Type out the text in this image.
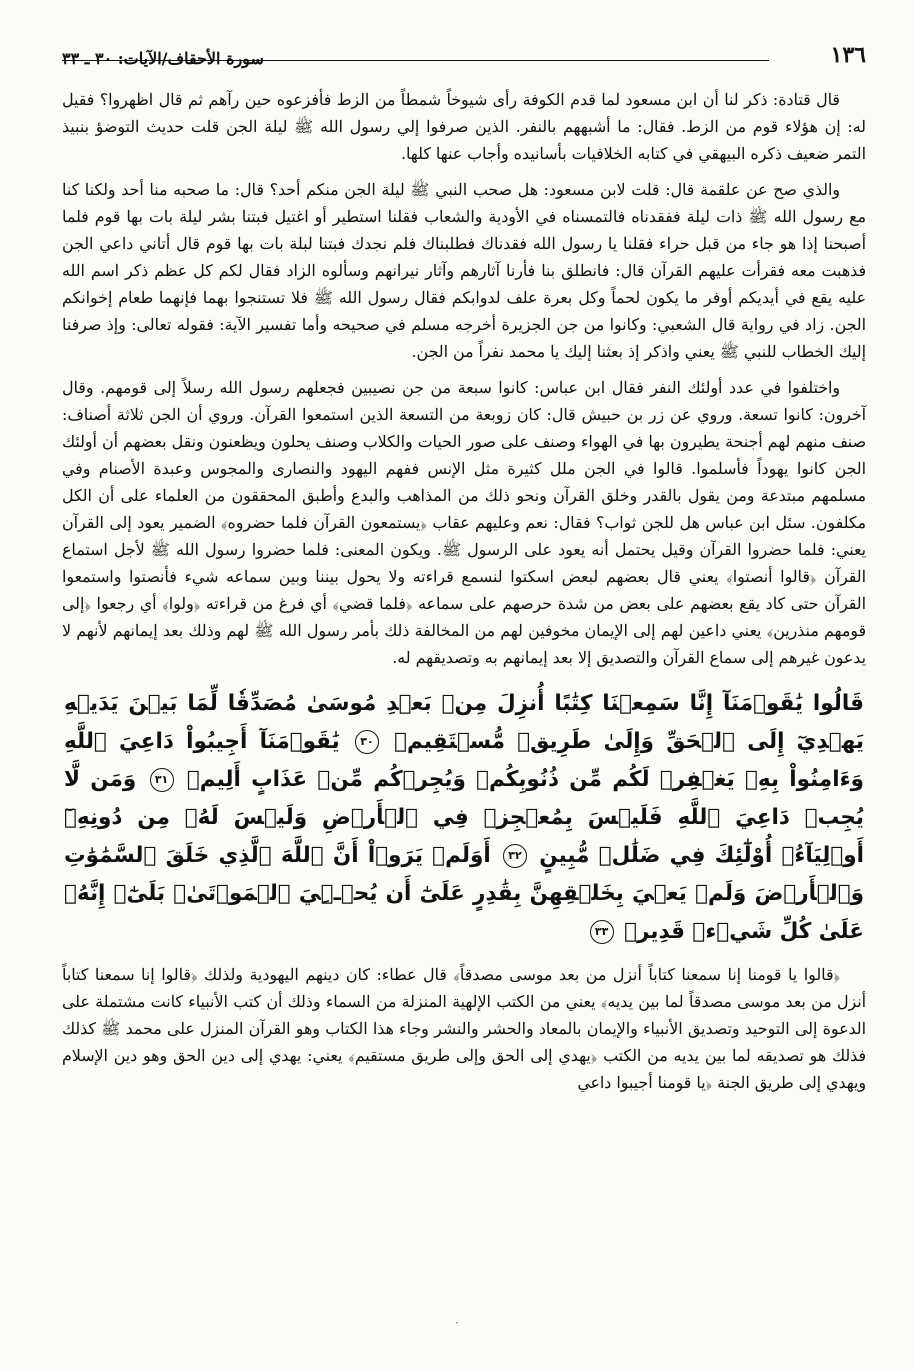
١٣٦
سورة الأحقاف/الآيات: ٣٠ ـ ٣٣

قال قتادة: ذكر لنا أن ابن مسعود لما قدم الكوفة رأى شيوخاً شمطاً من الزط فأفزعوه حين رآهم ثم قال اظهروا؟ فقيل له: إن هؤلاء قوم من الزط. فقال: ما أشبههم بالنفر. الذين صرفوا إلي رسول الله ﷺ ليلة الجن قلت حديث التوضؤ بنبيذ التمر ضعيف ذكره البيهقي في كتابه الخلافيات بأسانيده وأجاب عنها كلها.

والذي صح عن علقمة قال: قلت لابن مسعود: هل صحب النبي ﷺ ليلة الجن منكم أحد؟ قال: ما صحبه منا أحد ولكنا كنا مع رسول الله ﷺ ذات ليلة ففقدناه فالتمسناه في الأودية والشعاب فقلنا استطير أو اغتيل فبتنا بشر ليلة بات بها قوم فلما أصبحنا إذا هو جاء من قبل حراء فقلنا يا رسول الله فقدناك فطلبناك فلم نجدك فبتنا لبلة بات بها قوم قال أتاني داعي الجن فذهبت معه فقرأت عليهم القرآن قال: فانطلق بنا فأرنا آثارهم وآثار نيرانهم وسألوه الزاد فقال لكم كل عظم ذكر اسم الله عليه يقع في أيديكم أوفر ما يكون لحماً وكل بعرة علف لدوابكم فقال رسول الله ﷺ فلا تستنجوا بهما فإنهما طعام إخوانكم الجن. زاد في رواية قال الشعبي: وكانوا من جن الجزيرة أخرجه مسلم في صحيحه وأما تفسير الآية: فقوله تعالى: وإذ صرفنا إليك الخطاب للنبي ﷺ يعني واذكر إذ بعثنا إليك يا محمد نفراً من الجن.

واختلفوا في عدد أولئك النفر فقال ابن عباس: كانوا سبعة من جن نصيبين فجعلهم رسول الله رسلاً إلى قومهم. وقال آخرون: كانوا تسعة. وروي عن زر بن حبيش قال: كان زوبعة من التسعة الذين استمعوا القرآن. وروي أن الجن ثلاثة أصناف: صنف منهم لهم أجنحة يطيرون بها في الهواء وصنف على صور الحيات والكلاب وصنف يحلون ويظعنون ونقل بعضهم أن أولئك الجن كانوا يهوداً فأسلموا. قالوا في الجن ملل كثيرة مثل الإنس ففهم اليهود والنصارى والمجوس وعبدة الأصنام وفي مسلمهم مبتدعة ومن يقول بالقدر وخلق القرآن ونحو ذلك من المذاهب والبدع وأطبق المحققون من العلماء على أن الكل مكلفون. سئل ابن عباس هل للجن ثواب؟ فقال: نعم وعليهم عقاب ﴿يستمعون القرآن فلما حضروه﴾ الضمير يعود إلى القرآن يعني: فلما حضروا القرآن وقيل يحتمل أنه يعود على الرسول ﷺ. ويكون المعنى: فلما حضروا رسول الله ﷺ لأجل استماع القرآن ﴿قالوا أنصتوا﴾ يعني قال بعضهم لبعض اسكتوا لنسمع قراءته ولا يحول بيننا وبين سماعه شيء فأنصتوا واستمعوا القرآن حتى كاد يقع بعضهم على بعض من شدة حرصهم على سماعه ﴿فلما قضي﴾ أي فرغ من قراءته ﴿ولوا﴾ أي رجعوا ﴿إلى قومهم منذرين﴾ يعني داعين لهم إلى الإيمان مخوفين لهم من المخالفة ذلك بأمر رسول الله ﷺ لهم وذلك بعد إيمانهم لأنهم لا يدعون غيرهم إلى سماع القرآن والتصديق إلا بعد إيمانهم به وتصديقهم له.

قَالُوا يَٰقَوۡمَنَآ إِنَّا سَمِعۡنَا كِتَٰبًا أُنزِلَ مِنۢ بَعۡدِ مُوسَىٰ مُصَدِّقٗا لِّمَا بَيۡنَ يَدَيۡهِ يَهۡدِيٓ إِلَى ٱلۡحَقِّ وَإِلَىٰ طَرِيقٖ مُّسۡتَقِيمٖ ٣٠ يَٰقَوۡمَنَآ أَجِيبُواْ دَاعِيَ ٱللَّهِ وَءَامِنُواْ بِهِۦ يَغۡفِرۡ لَكُم مِّن ذُنُوبِكُمۡ وَيُجِرۡكُم مِّنۡ عَذَابٍ أَلِيمٖ ٣١ وَمَن لَّا يُجِبۡ دَاعِيَ ٱللَّهِ فَلَيۡسَ بِمُعۡجِزٖ فِي ٱلۡأَرۡضِ وَلَيۡسَ لَهُۥ مِن دُونِهِۦٓ أَوۡلِيَآءُۚ أُوْلَٰٓئِكَ فِي ضَلَٰلٖ مُّبِينٍ ٣٢ أَوَلَمۡ يَرَوۡاْ أَنَّ ٱللَّهَ ٱلَّذِي خَلَقَ ٱلسَّمَٰوَٰتِ وَٱلۡأَرۡضَ وَلَمۡ يَعۡيَ بِخَلۡقِهِنَّ بِقَٰدِرٍ عَلَىٰٓ أَن يُحۡـِۧيَ ٱلۡمَوۡتَىٰۚ بَلَىٰٓۚ إِنَّهُۥ عَلَىٰ كُلِّ شَيۡءٖ قَدِيرٞ ٣٣

﴿قالوا يا قومنا إنا سمعنا كتاباً أنزل من بعد موسى مصدقاً﴾ قال عطاء: كان دينهم اليهودية ولذلك ﴿قالوا إنا سمعنا كتاباً أنزل من بعد موسى مصدقاً لما بين يديه﴾ يعني من الكتب الإلهية المنزلة من السماء وذلك أن كتب الأنبياء كانت مشتملة على الدعوة إلى التوحيد وتصديق الأنبياء والإيمان بالمعاد والحشر والنشر وجاء هذا الكتاب وهو القرآن المنزل على محمد ﷺ كذلك فذلك هو تصديقه لما بين يديه من الكتب ﴿يهدي إلى الحق وإلى طريق مستقيم﴾ يعني: يهدي إلى دين الحق وهو دين الإسلام ويهدي إلى طريق الجنة ﴿يا قومنا أجيبوا داعي

·
